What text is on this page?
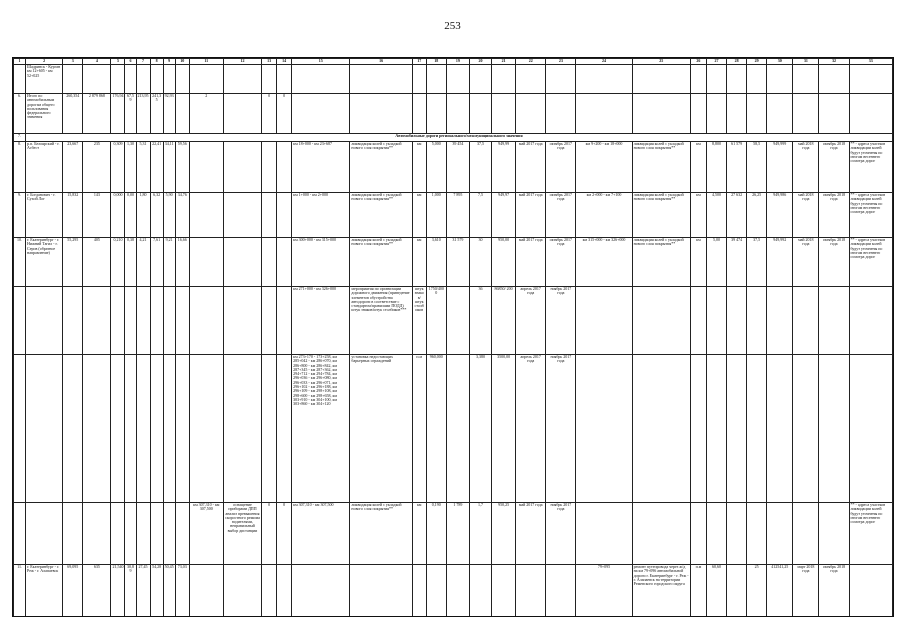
253
1	2	3	4	5	6	7	8	9	10	11	12	13	14	15	16	17	18	19	20	21	22	23	24	25	26	27	28	29	30	31	32	33
	Шадринск - Курган км 12+605 - км 52+025																															
6.	Итого по автомобильным дорогам общего пользования федерального значения	260,354	2 879 868	176,94	67,59	213,95	241,35	92,93		2		0	0																			
7.	Автомобильные дороги регионального/межмуниципального значения																															
8.	р.п. Белоярский - г. Асбест	23,667	235	0,309	1,30	5,31	22,41	34,11	59,56					км 18+000 - км 23+687	ликвидация колей с укладкой нового слоя покрытия**	км	5,000	39 454	37,5	949,99	май 2017 года	октябрь 2017 года	км 9+200 - км 18+000	ликвидация колей с укладкой нового слоя покрытия**	км	8,800	61 579	58,5	949,999	май 2018 года	октябрь 2018 года	** - адреса участков ликвидации колей будут уточнены по итогам весеннего осмотра дорог
9.	г. Богданович - г. Сухой Лог	15,832	143	0,000	0,00	1,80	6,32	5,90	34,76					км 1+000 - км 2+000	ликвидация колей с укладкой нового слоя покрытия**	км	1,000	7 895	7,5	949,97	май 2017 года	октябрь 2017 года	км 2+000 - км 7+100	ликвидация колей с укладкой нового слоя покрытия**	км	4,500	27 632	26,25	949,986	май 2018 года	октябрь 2018 года	** - адреса участков ликвидации колей будут уточнены по итогам весеннего осмотра дорог
10.	г. Екатеринбург - г. Нижний Тагил - г. Серов (обратное направление)	55,295	405	0,210	0,38	4,21	7,61	9,21	16,66					км 300+000 - км 315+000	ликвидация колей с укладкой нового слоя покрытия**	км	3,610	31 579	30	950,00	май 2017 года	октябрь 2017 года	км 315+000 - км 326+000	ликвидация колей с укладкой нового слоя покрытия**	км	5,00	39 474	37,5	949,992	май 2018 года	октябрь 2018 года	** - адреса участков ликвидации колей будут уточнены по итогам весеннего осмотра дорог
														км 271+000 - км 326+000	мероприятия по организации дорожного движения (приведение элементов обустройства автодороги в соответствие с стандартом/правилами ПОДД) штук знаков/штук столбиков***	штук знаков/ штук столбиков	1750/4000		36	86850/ 200	апрель 2017 года	ноябрь 2017 года										
														км 273+170 - 173+258, км 285+042 - км 286+070, км 286+800 - км 286+842, км 287+345 - км 287+362, км 294+712 - км 294+784, км 296+036 - км 296+080, км 296+033 - км 296+071, км 296+102 - км 296+188, км 296+109 - км 298+108, км 298+600 - км 298+658, км 303+910 - км 304+100, км 303+860 - км 304+120	установка недостающих барьерных ограждений	п.м	960,000		3,380	3500,00	апрель 2017 года	ноябрь 2017 года										
										км 307,310 - км 307,500	оснащение приборами ДПП анализ превышения скоростного режима водителями, неправильный выбор дистанции	0	0	км 307,310 - км 307,500	ликвидация колей с укладкой нового слоя покрытия**	км	0,190	1 789	1,7	950,25	май 2017 года	ноябрь 2017 года										** - адреса участков ликвидации колей будут уточнены по итогам весеннего осмотра дорог
11.	г. Екатеринбург - г. Реж - г. Алапаевск	69,095	635	21,540	30,89	27,45	54,28	50,45	73,03														79+095	ремонт путепровода через ж/д на км 79+096 автомобильной дороги г. Екатеринбург - г. Реж - г. Алапаевск на территории Режевского городского округа	п.м	60,60		25	412541,25	март 2018 года	октябрь 2018 года	
